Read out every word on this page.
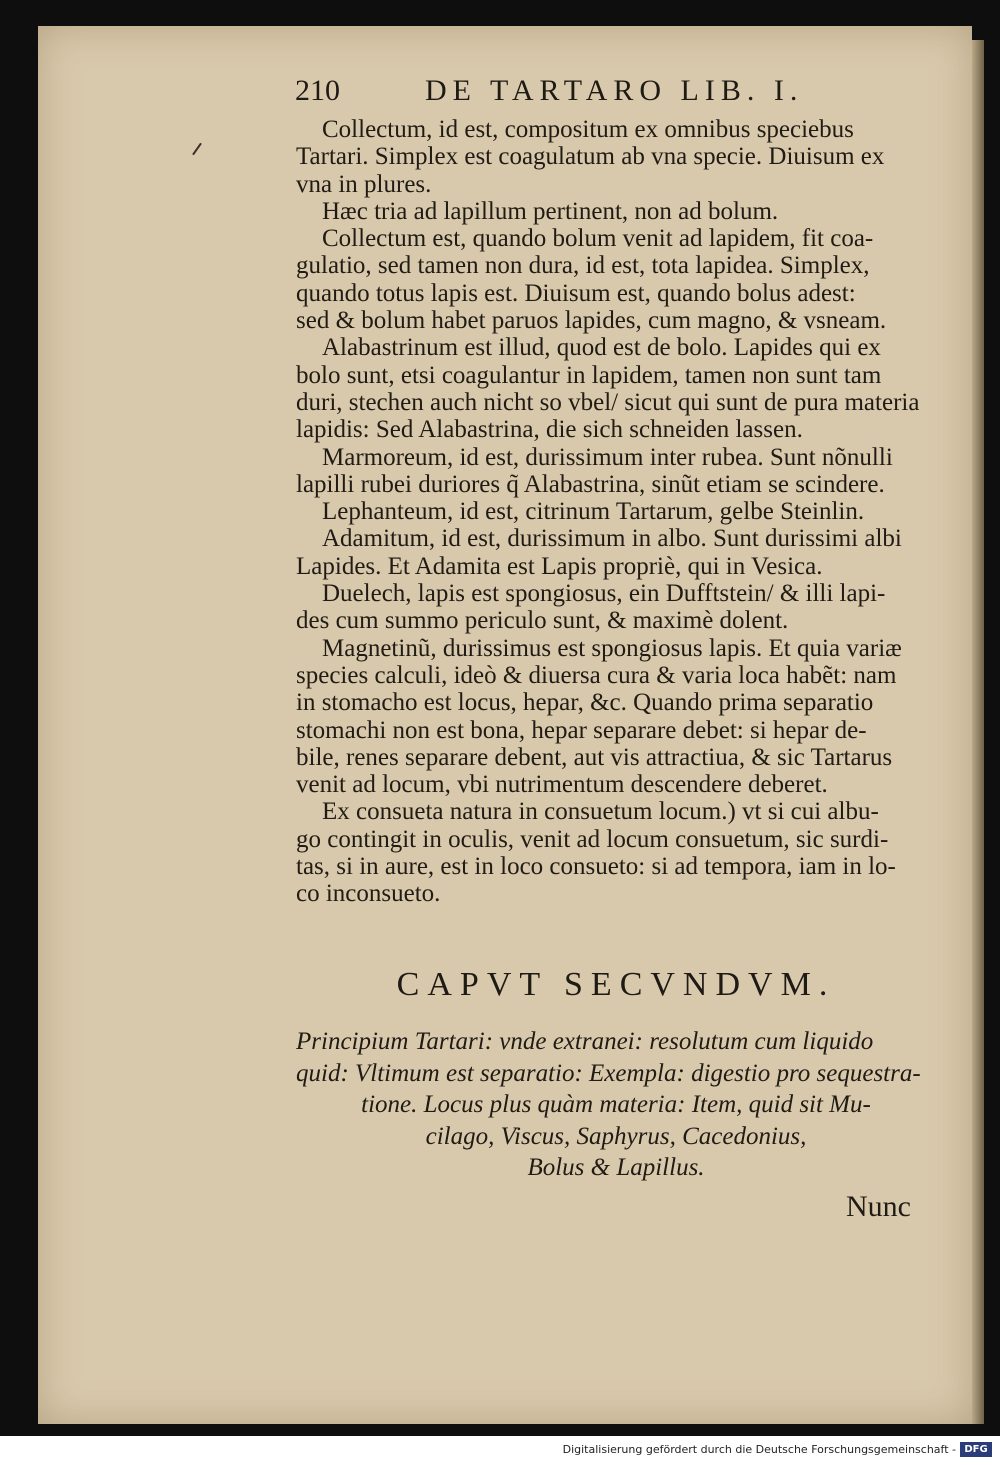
210	DE TARTARO LIB. I.
Collectum, id est, compositum ex omnibus speciebus
Tartari. Simplex est coagulatum ab vna specie. Diuisum ex
vna in plures.
Hæc tria ad lapillum pertinent, non ad bolum.
Collectum est, quando bolum venit ad lapidem, fit coa-
gulatio, sed tamen non dura, id est, tota lapidea. Simplex,
quando totus lapis est. Diuisum est, quando bolus adest:
sed & bolum habet paruos lapides, cum magno, & vsneam.
Alabastrinum est illud, quod est de bolo. Lapides qui ex
bolo sunt, etsi coagulantur in lapidem, tamen non sunt tam
duri, stechen auch nicht so vbel/ sicut qui sunt de pura materia
lapidis: Sed Alabastrina, die sich schneiden lassen.
Marmoreum, id est, durissimum inter rubea. Sunt nõnulli
lapilli rubei duriores q̃ Alabastrina, sinũt etiam se scindere.
Lephanteum, id est, citrinum Tartarum, gelbe Steinlin.
Adamitum, id est, durissimum in albo. Sunt durissimi albi
Lapides. Et Adamita est Lapis propriè, qui in Vesica.
Duelech, lapis est spongiosus, ein Dufftstein/ & illi lapi-
des cum summo periculo sunt, & maximè dolent.
Magnetinũ, durissimus est spongiosus lapis. Et quia variæ
species calculi, ideò & diuersa cura & varia loca habẽt: nam
in stomacho est locus, hepar, &c. Quando prima separatio
stomachi non est bona, hepar separare debet: si hepar de-
bile, renes separare debent, aut vis attractiua, & sic Tartarus
venit ad locum, vbi nutrimentum descendere deberet.
Ex consueta natura in consuetum locum.) vt si cui albu-
go contingit in oculis, venit ad locum consuetum, sic surdi-
tas, si in aure, est in loco consueto: si ad tempora, iam in lo-
co inconsueto.
CAPVT SECVNDVM.
Principium Tartari: vnde extranei: resolutum cum liquido
quid: Vltimum est separatio: Exempla: digestio pro sequestra-
tione. Locus plus quàm materia: Item, quid sit Mu-
cilago, Viscus, Saphyrus, Cacedonius,
Bolus & Lapillus.
Nunc
Digitalisierung gefördert durch die Deutsche Forschungsgemeinschaft - DFG
